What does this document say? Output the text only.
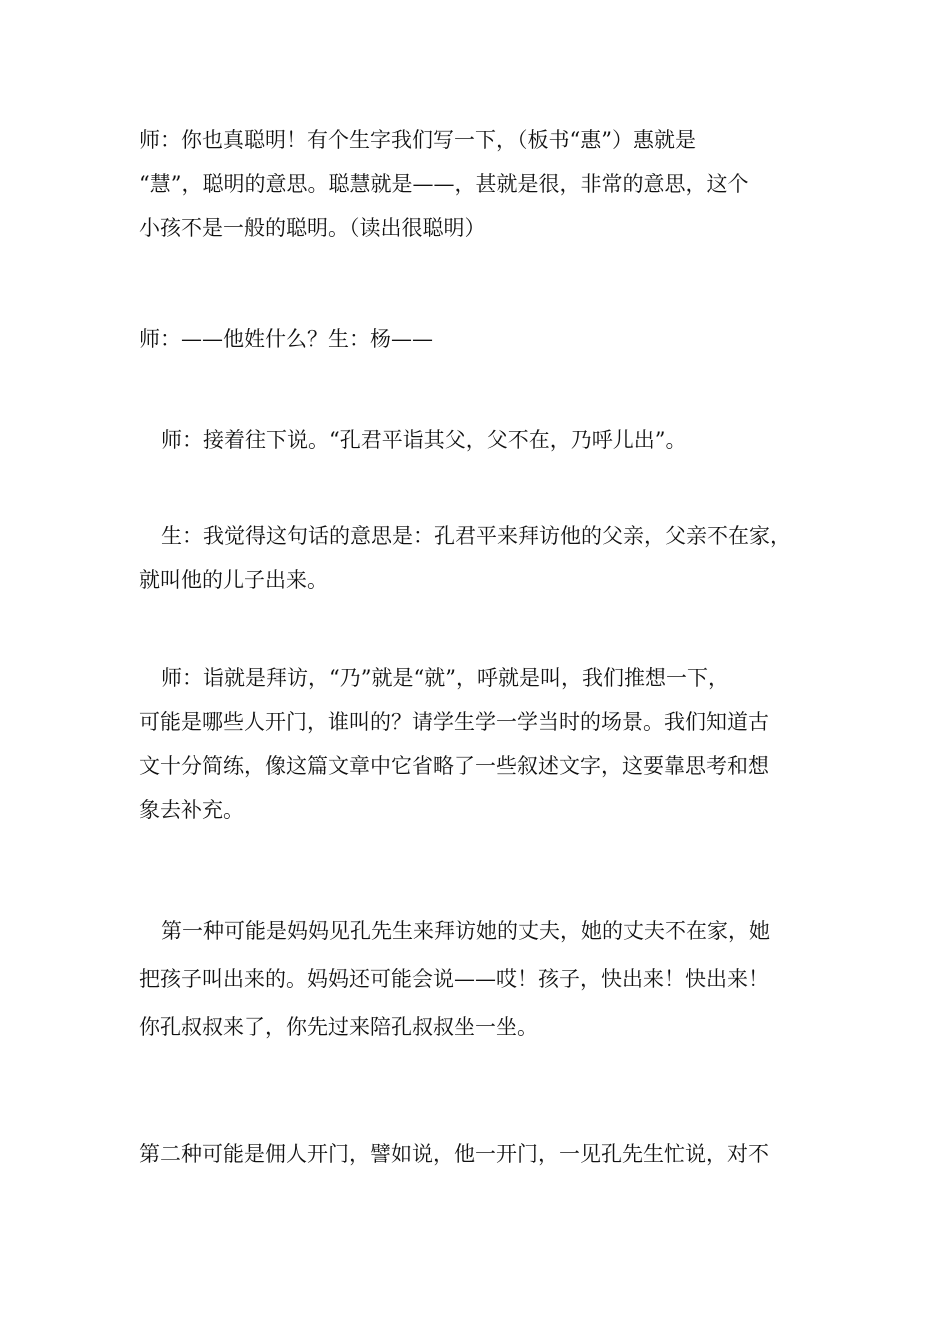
师：你也真聪明！有个生字我们写一下，（板书“惠”）惠就是
“慧”，聪明的意思。聪慧就是——，甚就是很，非常的意思，这个
小孩不是一般的聪明。（读出很聪明）
师：——他姓什么？生：杨——
师：接着往下说。“孔君平诣其父，父不在，乃呼儿出”。
生：我觉得这句话的意思是：孔君平来拜访他的父亲，父亲不在家，
就叫他的儿子出来。
师：诣就是拜访，“乃”就是“就”，呼就是叫，我们推想一下，
可能是哪些人开门，谁叫的？请学生学一学当时的场景。我们知道古
文十分简练，像这篇文章中它省略了一些叙述文字，这要靠思考和想
象去补充。
第一种可能是妈妈见孔先生来拜访她的丈夫，她的丈夫不在家，她
把孩子叫出来的。妈妈还可能会说——哎！孩子，快出来！快出来！
你孔叔叔来了，你先过来陪孔叔叔坐一坐。
第二种可能是佣人开门，譬如说，他一开门，一见孔先生忙说，对不
